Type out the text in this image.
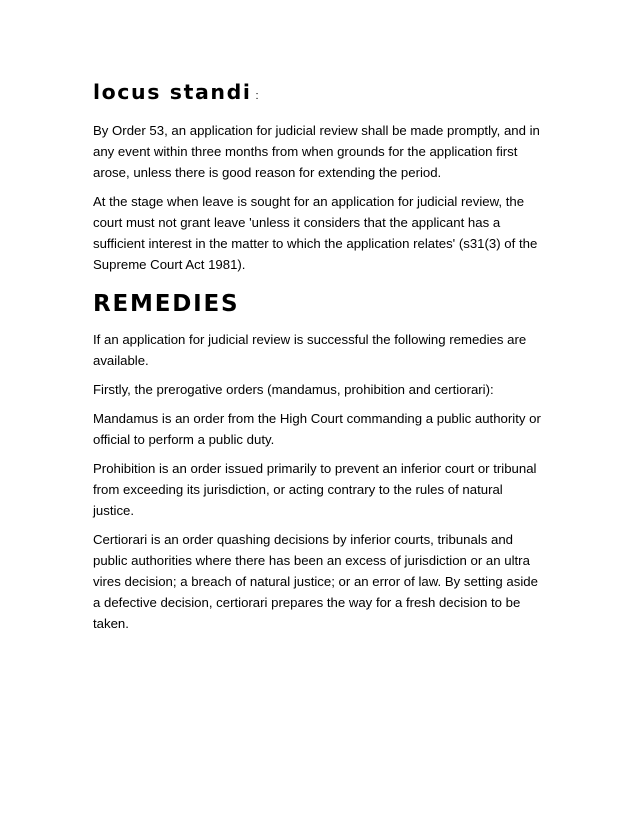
locus standi :

By Order 53, an application for judicial review shall be made promptly, and in any event within three months from when grounds for the application first arose, unless there is good reason for extending the period.

At the stage when leave is sought for an application for judicial review, the court must not grant leave 'unless it considers that the applicant has a sufficient interest in the matter to which the application relates' (s31(3) of the Supreme Court Act 1981).

REMEDIES

If an application for judicial review is successful the following remedies are available.

Firstly, the prerogative orders (mandamus, prohibition and certiorari):

Mandamus is an order from the High Court commanding a public authority or official to perform a public duty.

Prohibition is an order issued primarily to prevent an inferior court or tribunal from exceeding its jurisdiction, or acting contrary to the rules of natural justice.

Certiorari is an order quashing decisions by inferior courts, tribunals and public authorities where there has been an excess of jurisdiction or an ultra vires decision; a breach of natural justice; or an error of law. By setting aside a defective decision, certiorari prepares the way for a fresh decision to be taken.
